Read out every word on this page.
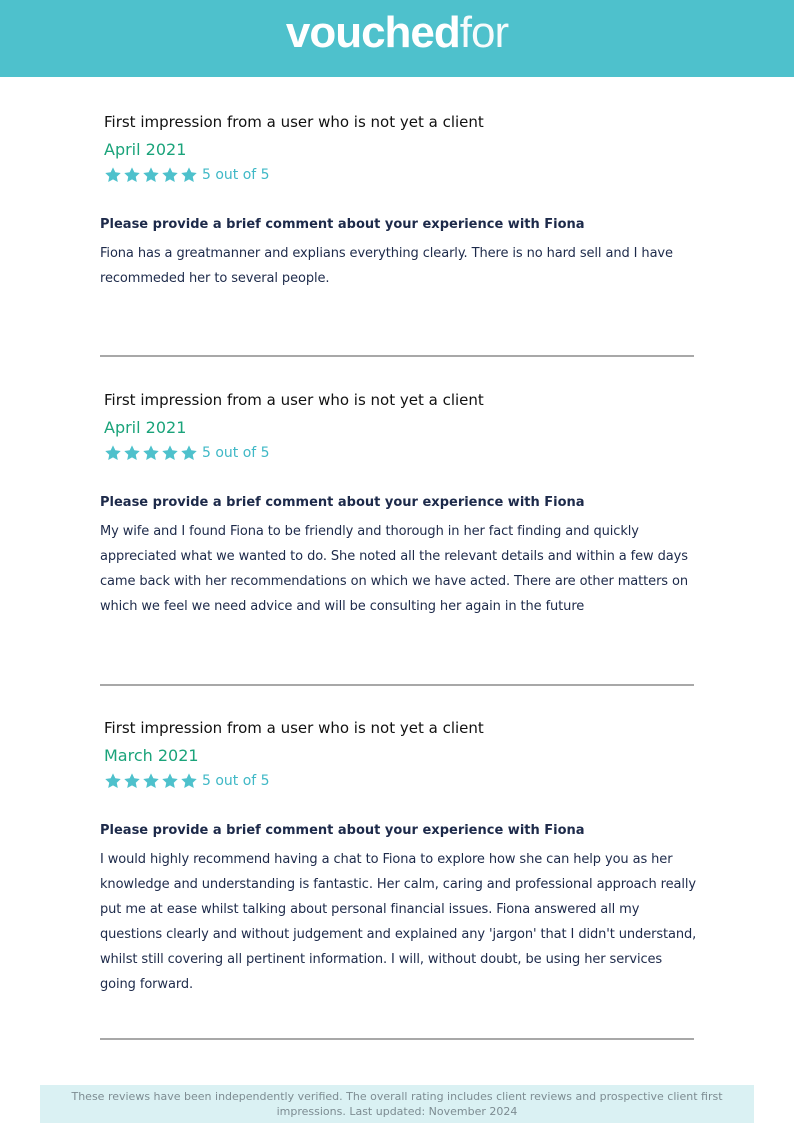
vouchedfor
First impression from a user who is not yet a client
April 2021
5 out of 5
Please provide a brief comment about your experience with Fiona
Fiona has a greatmanner and explians everything clearly. There is no hard sell and I have recommeded her to several people.
First impression from a user who is not yet a client
April 2021
5 out of 5
Please provide a brief comment about your experience with Fiona
My wife and I found Fiona to be friendly and thorough in her fact finding and quickly appreciated what we wanted to do. She noted all the relevant details and within a few days came back with her recommendations on which we have acted. There are other matters on which we feel we need advice and will be consulting her again in the future
First impression from a user who is not yet a client
March 2021
5 out of 5
Please provide a brief comment about your experience with Fiona
I would highly recommend having a chat to Fiona to explore how she can help you as her knowledge and understanding is fantastic. Her calm, caring and professional approach really put me at ease whilst talking about personal financial issues. Fiona answered all my questions clearly and without judgement and explained any 'jargon' that I didn't understand, whilst still covering all pertinent information. I will, without doubt, be using her services going forward.
These reviews have been independently verified. The overall rating includes client reviews and prospective client first impressions. Last updated: November 2024
